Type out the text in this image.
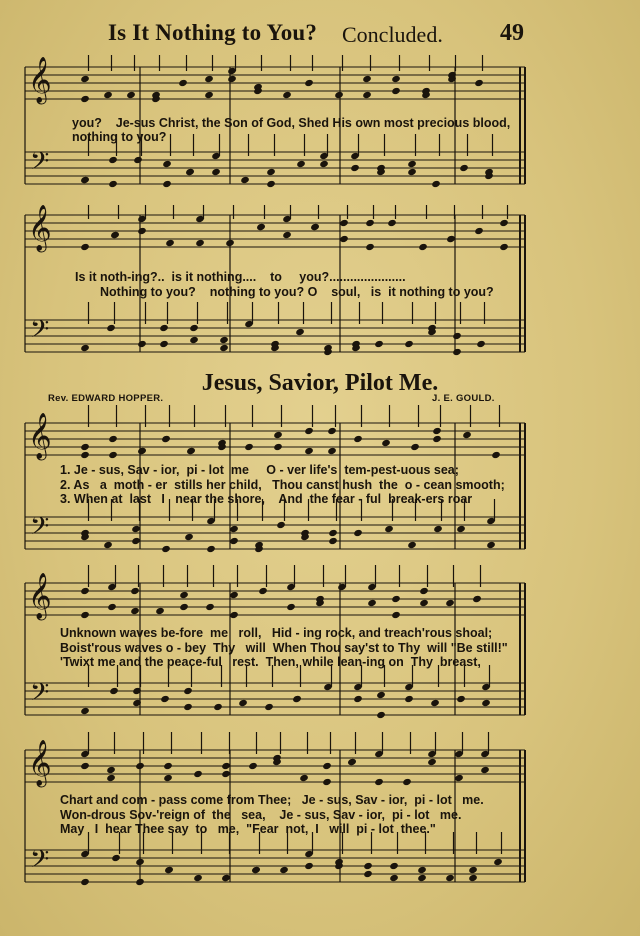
Is It Nothing to You? Concluded. 49
𝄞
𝄢
you?    Je-sus Christ, the Son of God, Shed His own most precious blood,
nothing to you?
𝄞
𝄢
Is it noth-ing?..  is it nothing....    to     you?......................
Nothing to you?    nothing to you? O    soul,   is  it nothing to you?
Jesus, Savior, Pilot Me.
Rev. EDWARD HOPPER.	J. E. GOULD.
𝄞
𝄢
1. Je - sus, Sav - ior,  pi - lot  me     O - ver life's  tem-pest-uous sea;
2. As   a  moth - er  stills her child,   Thou canst hush  the  o - cean smooth;
3. When at  last   I   near the shore,    And  the fear - ful  break-ers roar
𝄞
𝄢
Unknown waves be-fore  me   roll,   Hid - ing rock, and treach'rous shoal;
Boist'rous waves o - bey  Thy   will  When Thou say'st to Thy  will "Be still!"
'Twixt me and the peace-ful   rest.  Then, while lean-ing on  Thy  breast,
𝄞
𝄢
Chart and com - pass come from Thee;   Je - sus, Sav - ior,  pi - lot   me.
Won-drous Sov-'reign of  the   sea,    Je - sus, Sav - ior,  pi - lot   me.
May   I  hear Thee say  to   me,  "Fear  not,  I   will  pi - lot  thee."
